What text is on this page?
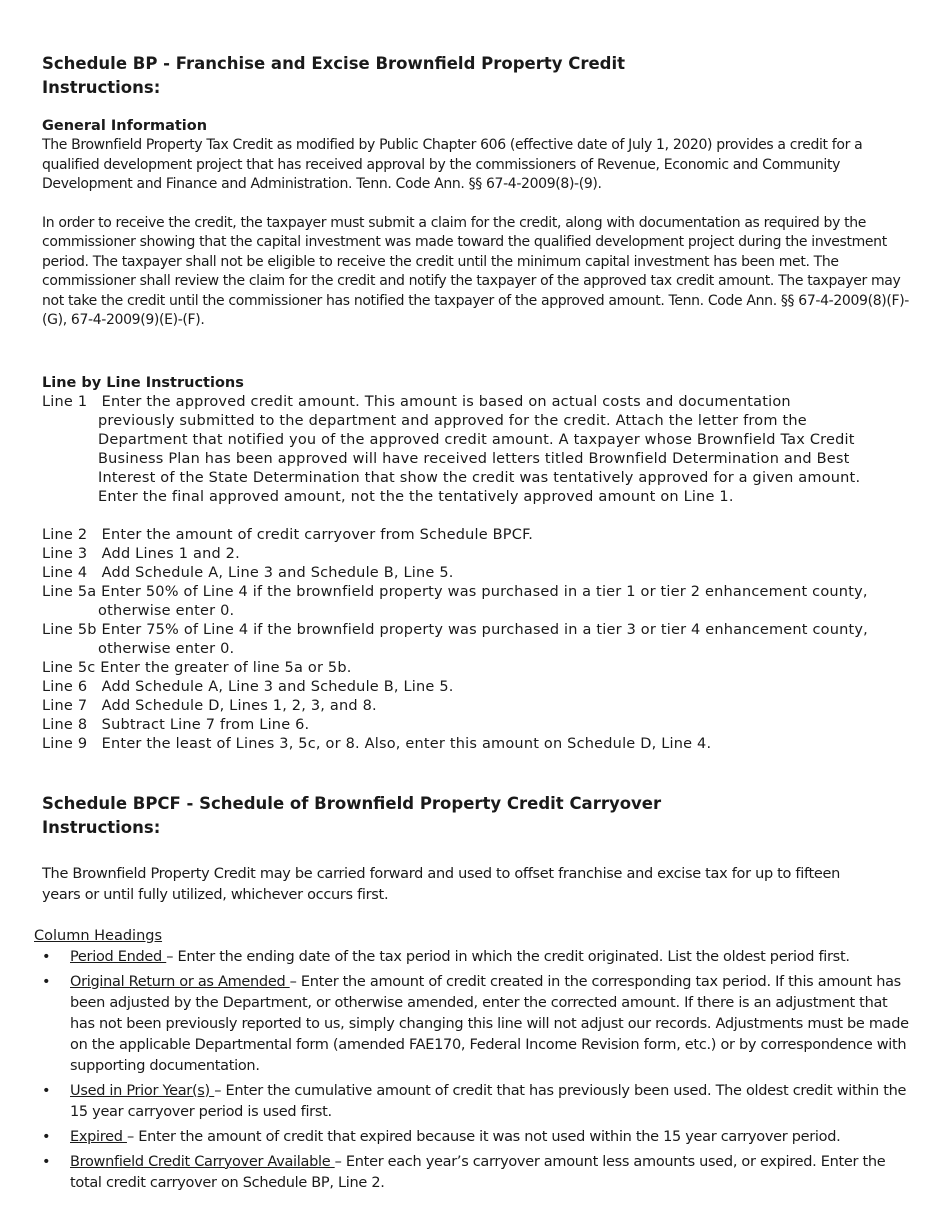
Schedule BP - Franchise and Excise Brownfield Property Credit
Instructions:
General Information

The Brownfield Property Tax Credit as modified by Public Chapter 606 (effective date of July 1, 2020) provides a credit for a qualified development project that has received approval by the commissioners of Revenue, Economic and Community Development and Finance and Administration. Tenn. Code Ann. §§ 67-4-2009(8)-(9).

In order to receive the credit, the taxpayer must submit a claim for the credit, along with documentation as required by the commissioner showing that the capital investment was made toward the qualified development project during the investment period. The taxpayer shall not be eligible to receive the credit until the minimum capital investment has been met. The commissioner shall review the claim for the credit and notify the taxpayer of the approved tax credit amount. The taxpayer may not take the credit until the commissioner has notified the taxpayer of the approved amount. Tenn. Code Ann. §§ 67-4-2009(8)(F)-(G), 67-4-2009(9)(E)-(F).

Line by Line Instructions
Line 1   Enter the approved credit amount. This amount is based on actual costs and documentation
previously submitted to the department and approved for the credit. Attach the letter from the
Department that notified you of the approved credit amount. A taxpayer whose Brownfield Tax Credit
Business Plan has been approved will have received letters titled Brownfield Determination and Best
Interest of the State Determination that show the credit was tentatively approved for a given amount.
Enter the final approved amount, not the the tentatively approved amount on Line 1.
Line 2   Enter the amount of credit carryover from Schedule BPCF.
Line 3   Add Lines 1 and 2.
Line 4   Add Schedule A, Line 3 and Schedule B, Line 5.
Line 5a Enter 50% of Line 4 if the brownfield property was purchased in a tier 1 or tier 2 enhancement county,
otherwise enter 0.
Line 5b Enter 75% of Line 4 if the brownfield property was purchased in a tier 3 or tier 4 enhancement county,
otherwise enter 0.
Line 5c Enter the greater of line 5a or 5b.
Line 6   Add Schedule A, Line 3 and Schedule B, Line 5.
Line 7   Add Schedule D, Lines 1, 2, 3, and 8.
Line 8   Subtract Line 7 from Line 6.
Line 9   Enter the least of Lines 3, 5c, or 8. Also, enter this amount on Schedule D, Line 4.
Schedule BPCF - Schedule of Brownfield Property Credit Carryover
Instructions:

The Brownfield Property Credit may be carried forward and used to offset franchise and excise tax for up to fifteen years or until fully utilized, whichever occurs first.

Column Headings
• Period Ended – Enter the ending date of the tax period in which the credit originated. List the oldest period first.
• Original Return or as Amended – Enter the amount of credit created in the corresponding tax period. If this amount has been adjusted by the Department, or otherwise amended, enter the corrected amount. If there is an adjustment that has not been previously reported to us, simply changing this line will not adjust our records. Adjustments must be made on the applicable Departmental form (amended FAE170, Federal Income Revision form, etc.) or by correspondence with supporting documentation.
• Used in Prior Year(s) – Enter the cumulative amount of credit that has previously been used. The oldest credit within the 15 year carryover period is used first.
• Expired – Enter the amount of credit that expired because it was not used within the 15 year carryover period.
• Brownfield Credit Carryover Available – Enter each year’s carryover amount less amounts used, or expired. Enter the total credit carryover on Schedule BP, Line 2.
